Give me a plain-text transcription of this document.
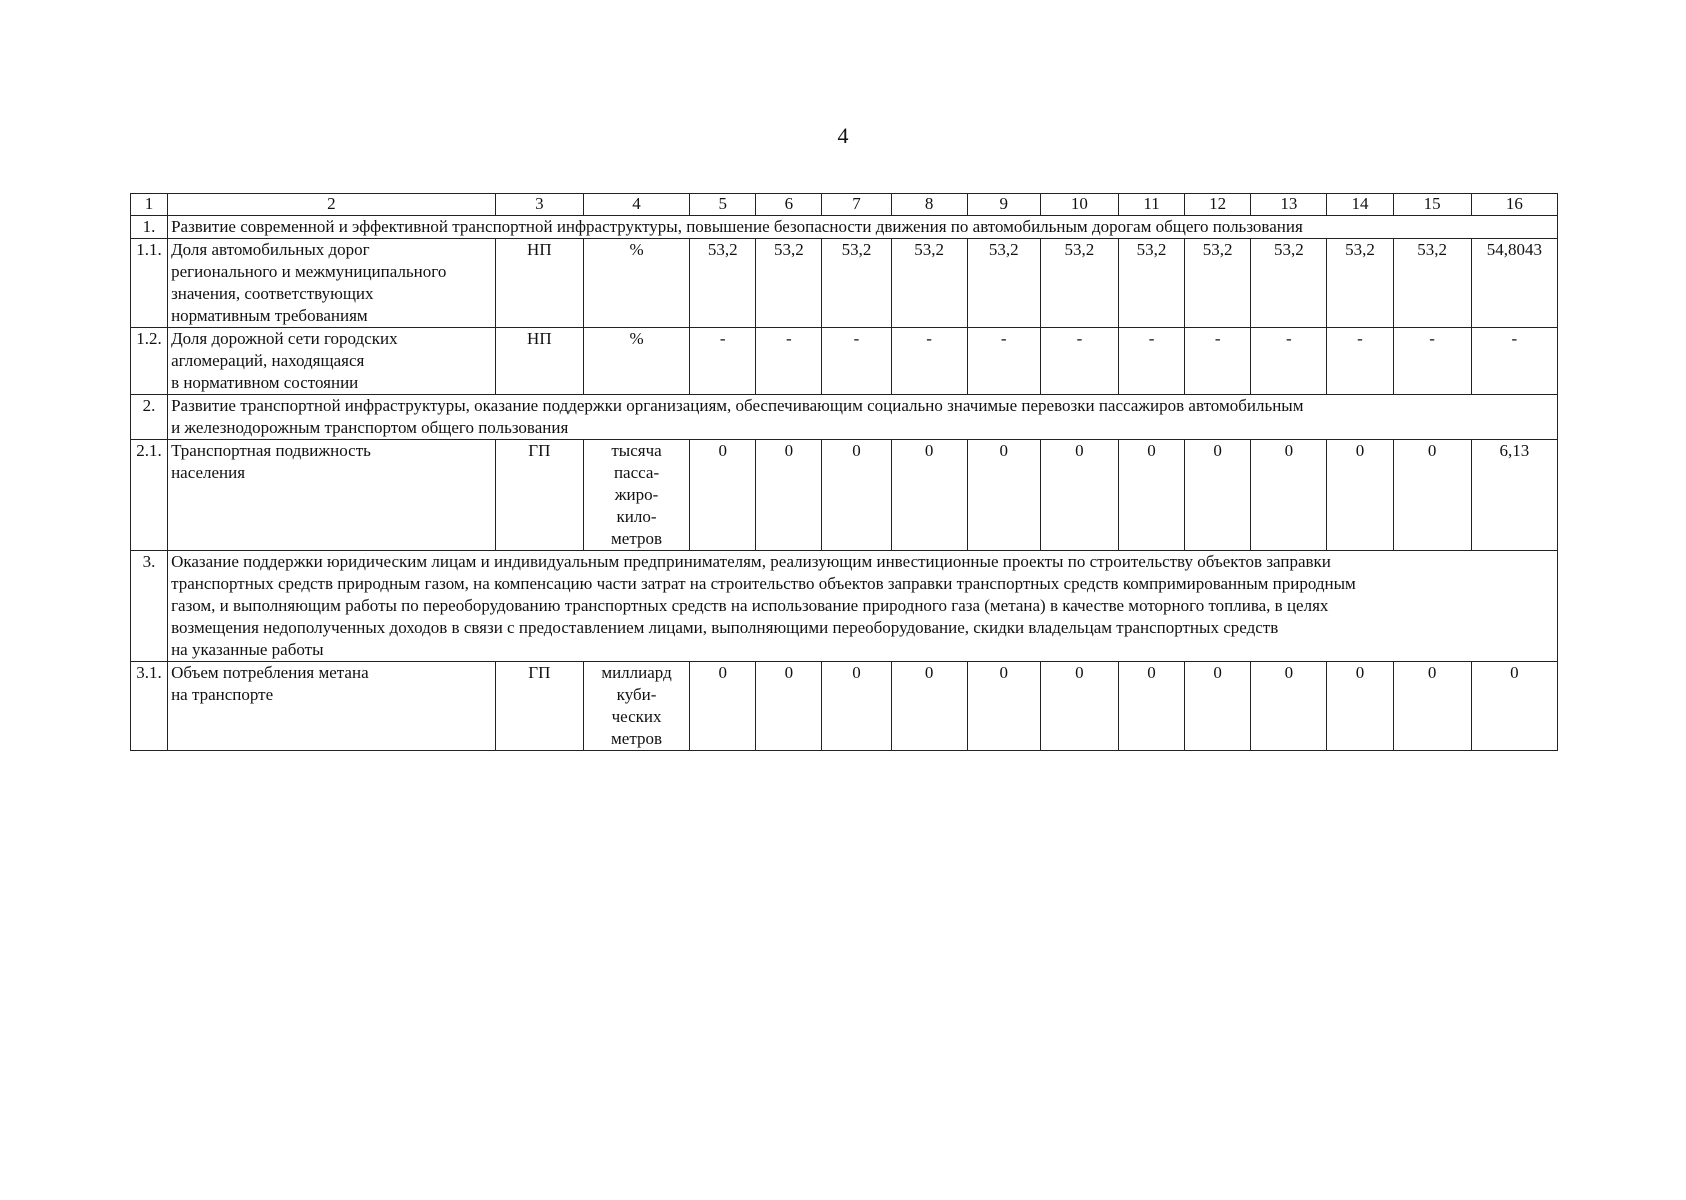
4
1	2	3	4	5	6	7	8	9	10	11	12	13	14	15	16
1.	Развитие современной и эффективной транспортной инфраструктуры, повышение безопасности движения по автомобильным дорогам общего пользования														

1.1.	Доля автомобильных дорог
регионального и межмуниципального
значения, соответствующих
нормативным требованиям	НП	%	53,2	53,2	53,2	53,2	53,2	53,2	53,2	53,2	53,2	53,2	53,2	54,8043
1.2.	Доля дорожной сети городских
агломераций, находящаяся
в нормативном состоянии	НП	%	-	-	-	-	-	-	-	-	-	-	-	-
2.	Развитие транспортной инфраструктуры, оказание поддержки организациям, обеспечивающим социально значимые перевозки пассажиров автомобильным
и железнодорожным транспортом общего пользования														

2.1.	Транспортная подвижность
населения	ГП	тысяча
пасса-
жиро-
кило-
метров	0	0	0	0	0	0	0	0	0	0	0	6,13
3.	Оказание поддержки юридическим лицам и индивидуальным предпринимателям, реализующим инвестиционные проекты по строительству объектов заправки
транспортных средств природным газом, на компенсацию части затрат на строительство объектов заправки транспортных средств компримированным природным
газом, и выполняющим работы по переоборудованию транспортных средств на использование природного газа (метана) в качестве моторного топлива, в целях
возмещения недополученных доходов в связи с предоставлением лицами, выполняющими переоборудование, скидки владельцам транспортных средств
на указанные работы														

3.1.	Объем потребления метана
на транспорте	ГП	миллиард
куби-
ческих
метров	0	0	0	0	0	0	0	0	0	0	0	0
